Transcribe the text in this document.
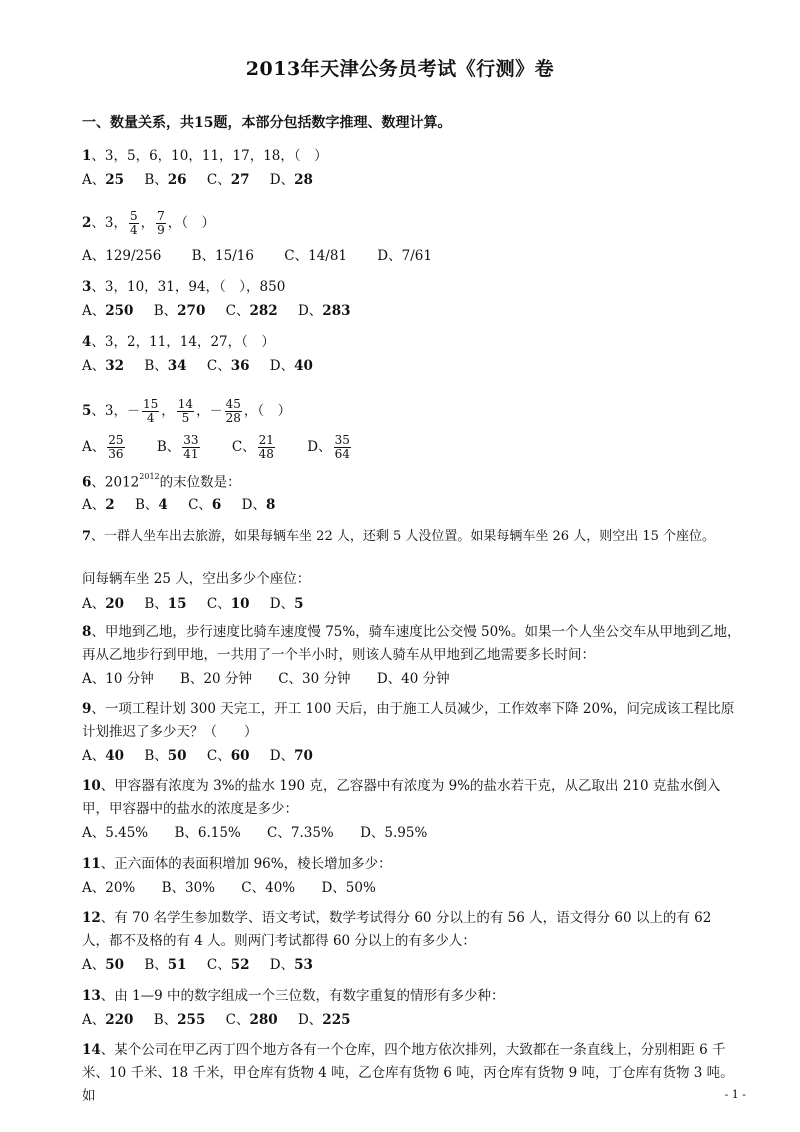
2013年天津公务员考试《行测》卷
一、数量关系，共15题，本部分包括数字推理、数理计算。
1、3，5，6，10，11，17，18，（　）
A、25 B、26 C、27 D、28
2、3， $\frac{5}{4}$ ， $\frac{7}{9}$ ，（　）
A、129/256 B、15/16 C、14/81 D、7/61
3、3，10，31，94，（　），850
A、250 B、270 C、282 D、283
4、3，2，11，14，27，（　）
A、32 B、34 C、36 D、40
5、3，－ $\frac{15}{4}$ ， $\frac{14}{5}$ ，－ $\frac{45}{28}$ ，（　）
A、 $\frac{25}{36}$ B、 $\frac{33}{41}$ C、 $\frac{21}{48}$ D、 $\frac{35}{64}$
6、$2012^{2012}$的末位数是：
A、2 B、4 C、6 D、8
7、一群人坐车出去旅游，如果每辆车坐 22 人，还剩 5 人没位置。如果每辆车坐 26 人，则空出 15 个座位。
问每辆车坐 25 人，空出多少个座位：
A、20 B、15 C、10 D、5
8、甲地到乙地，步行速度比骑车速度慢 75%，骑车速度比公交慢 50%。如果一个人坐公交车从甲地到乙地，再从乙地步行到甲地，一共用了一个半小时，则该人骑车从甲地到乙地需要多长时间：
A、10 分钟 B、20 分钟 C、30 分钟 D、40 分钟
9、一项工程计划 300 天完工，开工 100 天后，由于施工人员减少，工作效率下降 20%，问完成该工程比原计划推迟了多少天？（　　）
A、40 B、50 C、60 D、70
10、甲容器有浓度为 3%的盐水 190 克，乙容器中有浓度为 9%的盐水若干克，从乙取出 210 克盐水倒入甲，甲容器中的盐水的浓度是多少：
A、5.45% B、6.15% C、7.35% D、5.95%
11、正六面体的表面积增加 96%，棱长增加多少：
A、20% B、30% C、40% D、50%
12、有 70 名学生参加数学、语文考试，数学考试得分 60 分以上的有 56 人，语文得分 60 以上的有 62 人，都不及格的有 4 人。则两门考试都得 60 分以上的有多少人：
A、50 B、51 C、52 D、53
13、由 1—9 中的数字组成一个三位数，有数字重复的情形有多少种：
A、220 B、255 C、280 D、225
14、某个公司在甲乙丙丁四个地方各有一个仓库，四个地方依次排列，大致都在一条直线上，分别相距 6 千米、10 千米、18 千米，甲仓库有货物 4 吨，乙仓库有货物 6 吨，丙仓库有货物 9 吨，丁仓库有货物 3 吨。如	- 1 -
